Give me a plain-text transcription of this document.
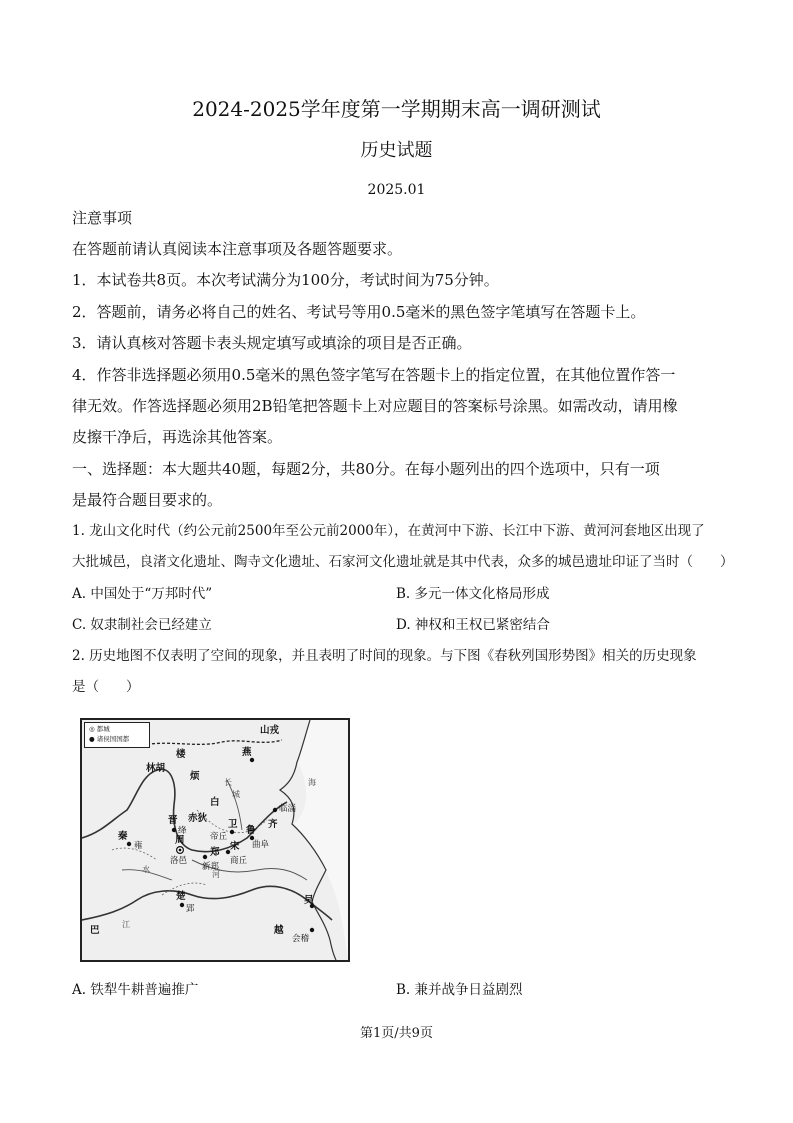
2024-2025学年度第一学期期末高一调研测试
历史试题
2025.01
注意事项
在答题前请认真阅读本注意事项及各题答题要求。
1．本试卷共8页。本次考试满分为100分，考试时间为75分钟。
2．答题前，请务必将自己的姓名、考试号等用0.5毫米的黑色签字笔填写在答题卡上。
3．请认真核对答题卡表头规定填写或填涂的项目是否正确。
4．作答非选择题必须用0.5毫米的黑色签字笔写在答题卡上的指定位置，在其他位置作答一
律无效。作答选择题必须用2B铅笔把答题卡上对应题目的答案标号涂黑。如需改动，请用橡
皮擦干净后，再选涂其他答案。
一、选择题：本大题共40题，每题2分，共80分。在每小题列出的四个选项中，只有一项
是最符合题目要求的。
1. 龙山文化时代（约公元前2500年至公元前2000年），在黄河中下游、长江中下游、黄河河套地区出现了
大批城邑，良渚文化遗址、陶寺文化遗址、石家河文化遗址就是其中代表，众多的城邑遗址印证了当时（　　）
A. 中国处于“万邦时代”	B. 多元一体文化格局形成
C. 奴隶制社会已经建立	D. 神权和王权已紧密结合
2. 历史地图不仅表明了空间的现象，并且表明了时间的现象。与下图《春秋列国形势图》相关的历史现象
是（　　）
◎ 都城
● 诸侯国国都
山戎
楼
林胡
烦
燕
长
城
白
赤狄
晋
绛
临淄
齐
秦
雍	周
洛邑
卫
帝丘
郑
新郑
鲁
曲阜
宋
商丘
楚
郢
巴
吴
越
会稽
河
水
江
海
A. 铁犁牛耕普遍推广	B. 兼并战争日益剧烈
第1页/共9页
